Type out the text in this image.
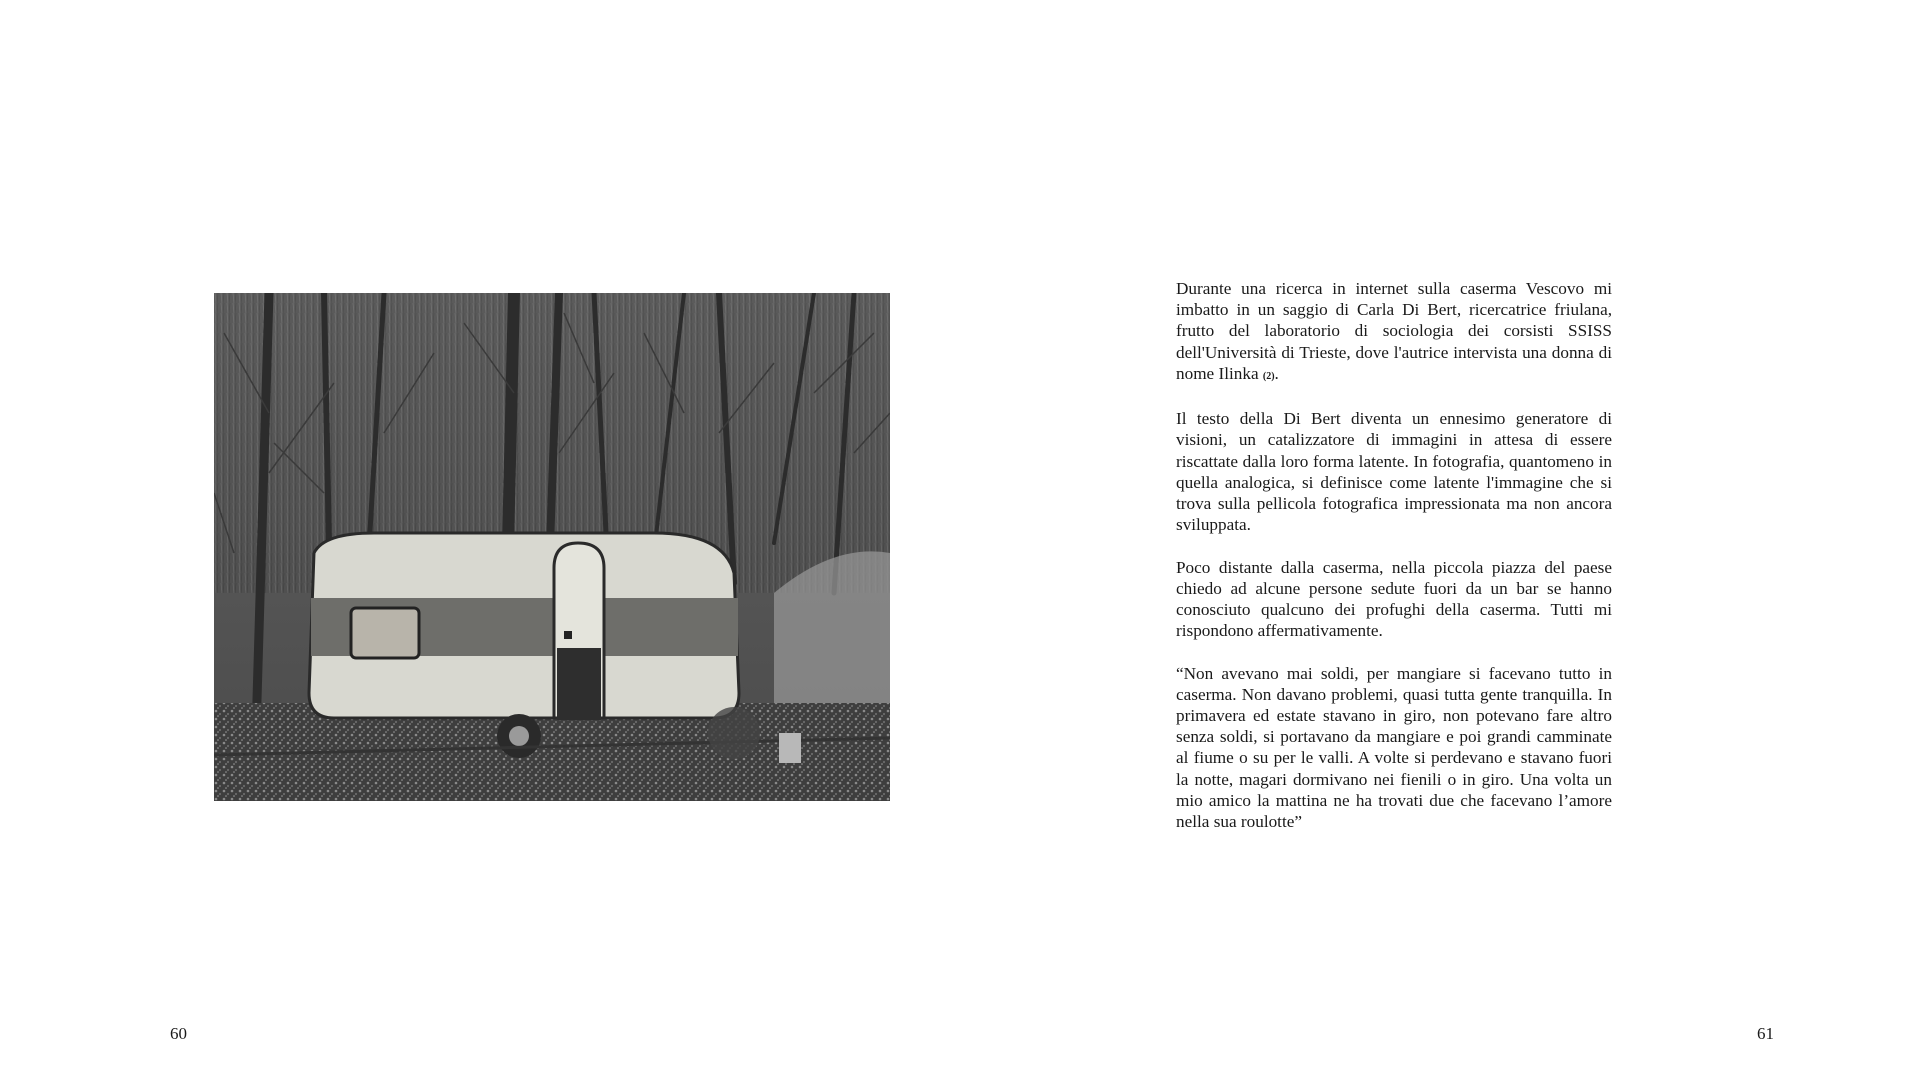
60

Durante una ricerca in internet sulla caserma Vescovo mi imbatto in un saggio di Carla Di Bert, ricercatrice friulana, frutto del laboratorio di sociologia dei corsisti SSISS dell'Università di Trieste, dove l'autrice intervista una donna di nome Ilinka (2).

Il testo della Di Bert diventa un ennesimo generatore di visioni, un catalizzatore di immagini in attesa di essere riscattate dalla loro forma latente. In fotografia, quantomeno in quella analogica, si definisce come latente l'immagine che si trova sulla pellicola fotografica impressionata ma non ancora sviluppata.

Poco distante dalla caserma, nella piccola piazza del paese chiedo ad alcune persone sedute fuori da un bar se hanno conosciuto qualcuno dei profughi della caserma. Tutti mi rispondono affermativamente.

“Non avevano mai soldi, per mangiare si facevano tutto in caserma. Non davano problemi, quasi tutta gente tranquilla. In primavera ed estate stavano in giro, non potevano fare altro senza soldi, si portavano da mangiare e poi grandi camminate al fiume o su per le valli. A volte si perdevano e stavano fuori la notte, magari dormivano nei fienili o in giro. Una volta un mio amico la mattina ne ha trovati due che facevano l’amore nella sua roulotte”

61
